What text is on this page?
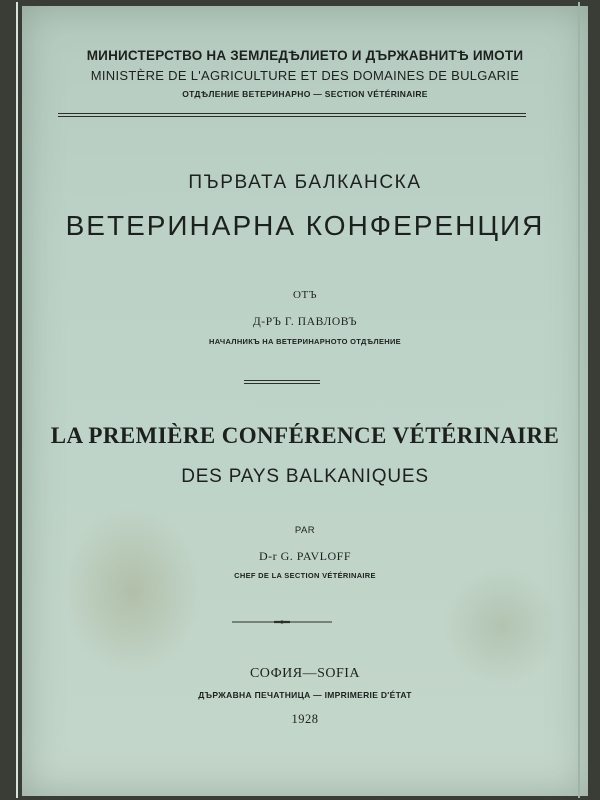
МИНИСТЕРСТВО НА ЗЕМЛЕДѢЛИЕТО И ДЪРЖАВНИТѢ ИМОТИ
MINISTÈRE DE L'AGRICULTURE ET DES DOMAINES DE BULGARIE
ОТДѢЛЕНИЕ ВЕТЕРИНАРНО — SECTION VÉTÉRINAIRE
ПЪРВАТА БАЛКАНСКА
ВЕТЕРИНАРНА КОНФЕРЕНЦИЯ
ОТЪ
Д-РЪ Г. ПАВЛОВЪ
НАЧАЛНИКЪ НА ВЕТЕРИНАРНОТО ОТДѢЛЕНИЕ
LA PREMIÈRE CONFÉRENCE VÉTÉRINAIRE
DES PAYS BALKANIQUES
PAR
D-r G. PAVLOFF
CHEF DE LA SECTION VÉTÉRINAIRE
СОФИЯ—SOFIA
ДЪРЖАВНА ПЕЧАТНИЦА — IMPRIMERIE D'ÉTAT
1928
